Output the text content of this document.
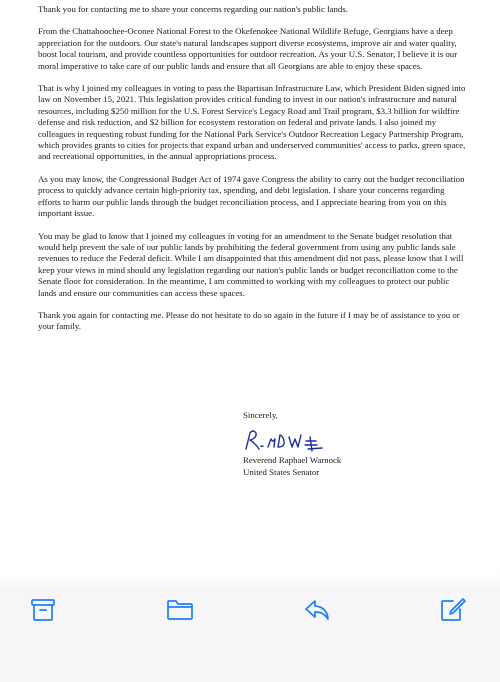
Thank you for contacting me to share your concerns regarding our nation's public lands.

From the Chattahoochee-Oconee National Forest to the Okefenokee National Wildlife Refuge, Georgians have a deep appreciation for the outdoors. Our state's natural landscapes support diverse ecosystems, improve air and water quality, boost local tourism, and provide countless opportunities for outdoor recreation. As your U.S. Senator, I believe it is our moral imperative to take care of our public lands and ensure that all Georgians are able to enjoy these spaces.

That is why I joined my colleagues in voting to pass the Bipartisan Infrastructure Law, which President Biden signed into law on November 15, 2021. This legislation provides critical funding to invest in our nation's infrastructure and natural resources, including $250 million for the U.S. Forest Service's Legacy Road and Trail program, $3.3 billion for wildfire defense and risk reduction, and $2 billion for ecosystem restoration on federal and private lands. I also joined my colleagues in requesting robust funding for the National Park Service's Outdoor Recreation Legacy Partnership Program, which provides grants to cities for projects that expand urban and underserved communities' access to parks, green space, and recreational opportunities, in the annual appropriations process.

As you may know, the Congressional Budget Act of 1974 gave Congress the ability to carry out the budget reconciliation process to quickly advance certain high-priority tax, spending, and debt legislation. I share your concerns regarding efforts to harm our public lands through the budget reconciliation process, and I appreciate hearing from you on this important issue.

You may be glad to know that I joined my colleagues in voting for an amendment to the Senate budget resolution that would help prevent the sale of our public lands by prohibiting the federal government from using any public lands sale revenues to reduce the Federal deficit. While I am disappointed that this amendment did not pass, please know that I will keep your views in mind should any legislation regarding our nation's public lands or budget reconciliation come to the Senate floor for consideration. In the meantime, I am committed to working with my colleagues to protect our public lands and ensure our communities can access these spaces.

Thank you again for contacting me. Please do not hesitate to do so again in the future if I may be of assistance to you or your family.

Sincerely,
Reverend Raphael Warnock
United States Senator
